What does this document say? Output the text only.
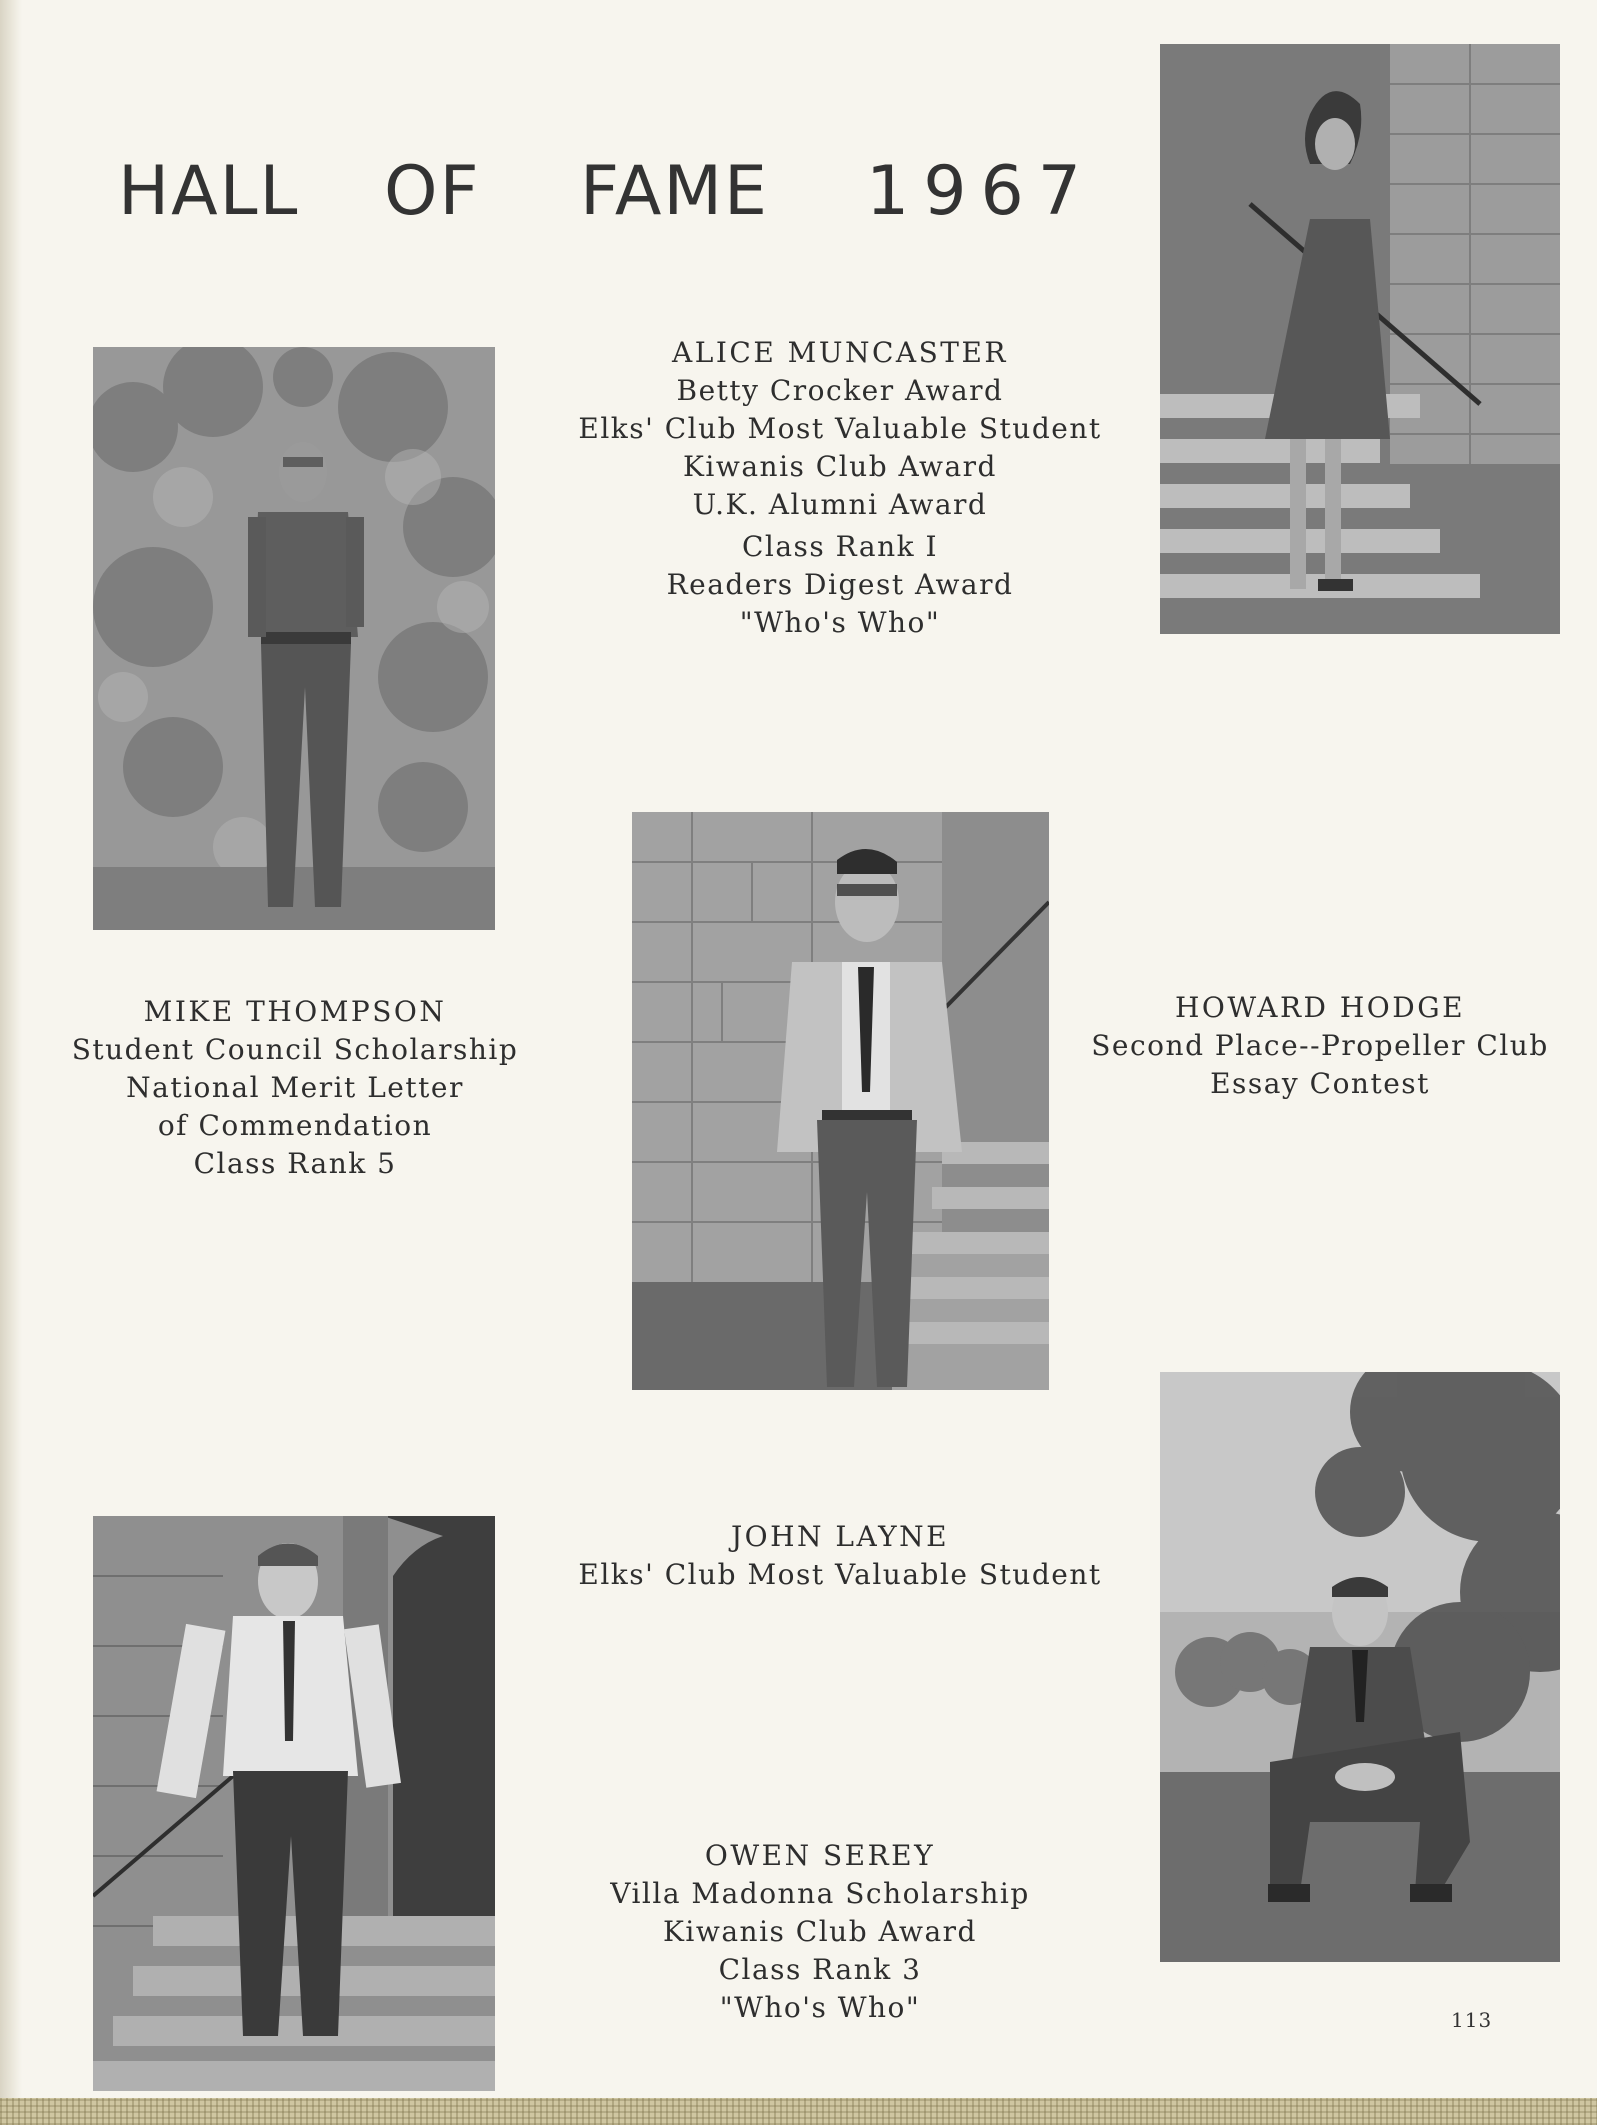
HALL OF FAME 1967
ALICE MUNCASTER
Betty Crocker Award
Elks' Club Most Valuable Student
Kiwanis Club Award
U.K. Alumni Award
Class Rank I
Readers Digest Award
"Who's Who"
MIKE THOMPSON
Student Council Scholarship
National Merit Letter
of Commendation
Class Rank 5
HOWARD HODGE
Second Place--Propeller Club
Essay Contest
JOHN LAYNE
Elks' Club Most Valuable Student
OWEN SEREY
Villa Madonna Scholarship
Kiwanis Club Award
Class Rank 3
"Who's Who"	113
